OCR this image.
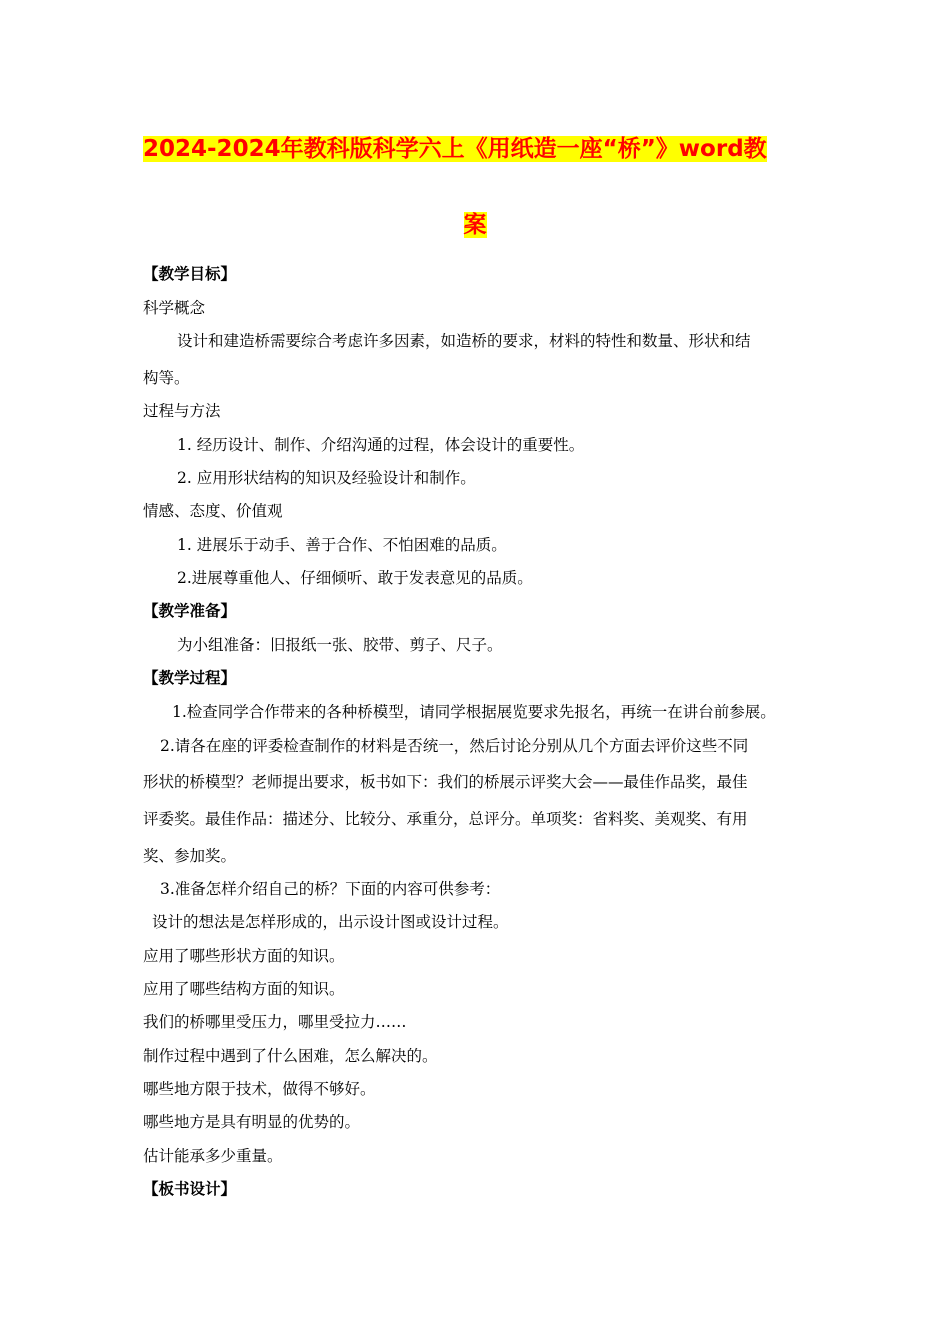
2024-2024年教科版科学六上《用纸造一座“桥”》word教
案
【教学目标】
科学概念
设计和建造桥需要综合考虑许多因素，如造桥的要求，材料的特性和数量、形状和结
构等。
过程与方法
1. 经历设计、制作、介绍沟通的过程，体会设计的重要性。
2. 应用形状结构的知识及经验设计和制作。
情感、态度、价值观
1. 进展乐于动手、善于合作、不怕困难的品质。
2.进展尊重他人、仔细倾听、敢于发表意见的品质。
【教学准备】
为小组准备：旧报纸一张、胶带、剪子、尺子。
【教学过程】
1.检查同学合作带来的各种桥模型，请同学根据展览要求先报名，再统一在讲台前参展。
2.请各在座的评委检查制作的材料是否统一，然后讨论分别从几个方面去评价这些不同
形状的桥模型？老师提出要求，板书如下：我们的桥展示评奖大会——最佳作品奖，最佳
评委奖。最佳作品：描述分、比较分、承重分，总评分。单项奖：省料奖、美观奖、有用
奖、参加奖。
3.准备怎样介绍自己的桥？下面的内容可供参考：
设计的想法是怎样形成的，出示设计图或设计过程。
应用了哪些形状方面的知识。
应用了哪些结构方面的知识。
我们的桥哪里受压力，哪里受拉力……
制作过程中遇到了什么困难，怎么解决的。
哪些地方限于技术，做得不够好。
哪些地方是具有明显的优势的。
估计能承多少重量。
【板书设计】
